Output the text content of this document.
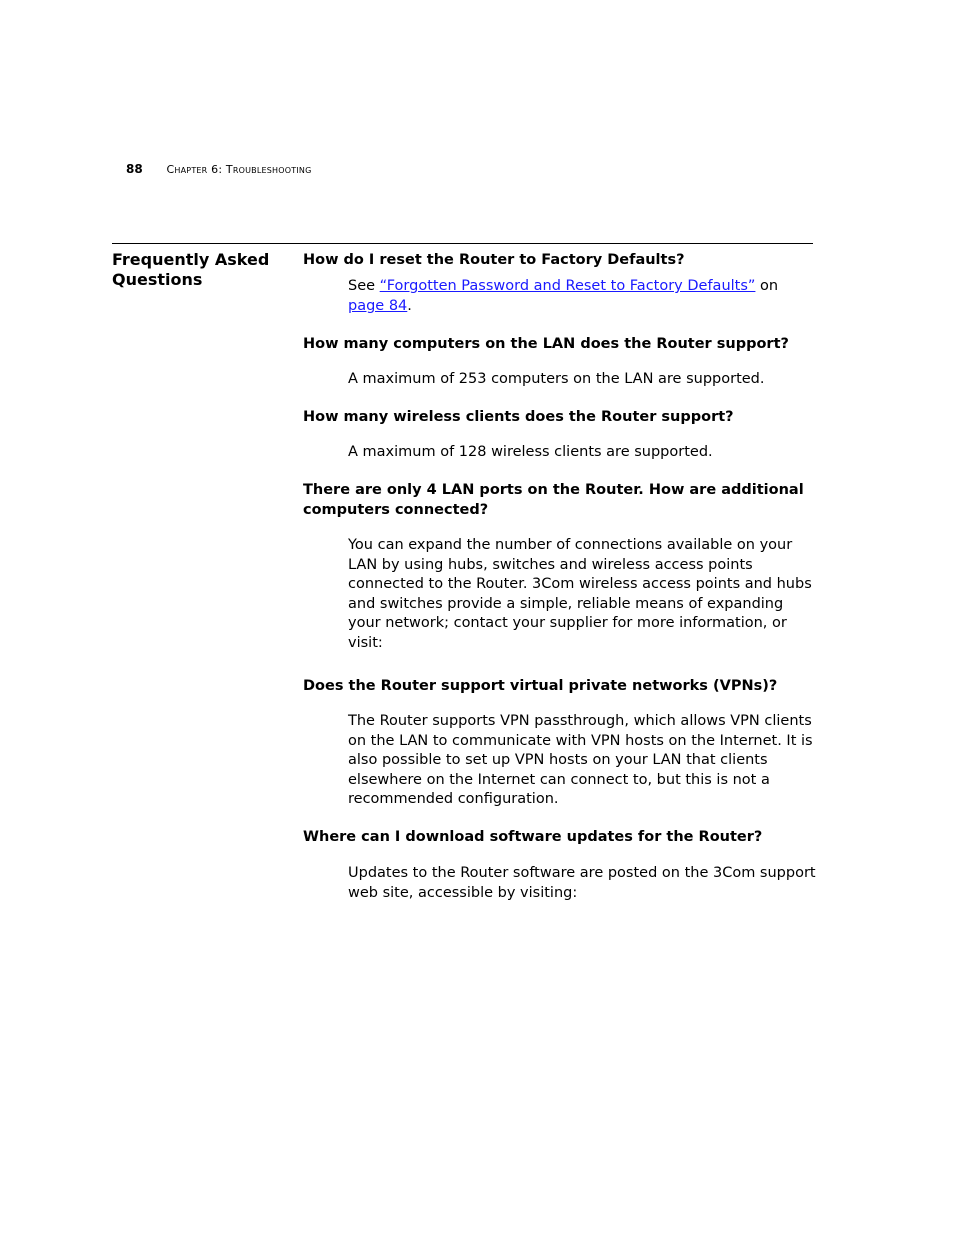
88 Chapter 6: Troubleshooting
Frequently Asked Questions

How do I reset the Router to Factory Defaults?

See “Forgotten Password and Reset to Factory Defaults” on page 84.

How many computers on the LAN does the Router support?

A maximum of 253 computers on the LAN are supported.

How many wireless clients does the Router support?

A maximum of 128 wireless clients are supported.

There are only 4 LAN ports on the Router. How are additional computers connected?

You can expand the number of connections available on your LAN by using hubs, switches and wireless access points connected to the Router. 3Com wireless access points and hubs and switches provide a simple, reliable means of expanding your network; contact your supplier for more information, or visit:

Does the Router support virtual private networks (VPNs)?

The Router supports VPN passthrough, which allows VPN clients on the LAN to communicate with VPN hosts on the Internet. It is also possible to set up VPN hosts on your LAN that clients elsewhere on the Internet can connect to, but this is not a recommended configuration.

Where can I download software updates for the Router?

Updates to the Router software are posted on the 3Com support web site, accessible by visiting:
